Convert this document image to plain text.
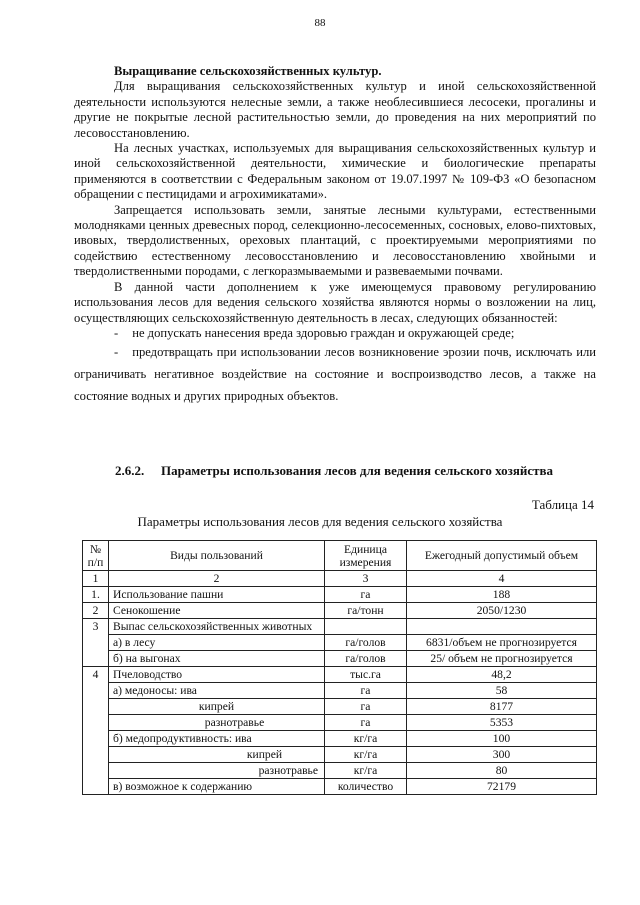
88

Выращивание сельскохозяйственных культур.

Для выращивания сельскохозяйственных культур и иной сельскохозяйственной деятельности используются нелесные земли, а также необлесившиеся лесосеки, прогалины и другие не покрытые лесной растительностью земли, до проведения на них мероприятий по лесовосстановлению.

На лесных участках, используемых для выращивания сельскохозяйственных культур и иной сельскохозяйственной деятельности, химические и биологические препараты применяются в соответствии с Федеральным законом от 19.07.1997 № 109-ФЗ «О безопасном обращении с пестицидами и агрохимикатами».

Запрещается использовать земли, занятые лесными культурами, естественными молодняками ценных древесных пород, селекционно-лесосеменных, сосновых, елово-пихтовых, ивовых, твердолиственных, ореховых плантаций, с проектируемыми мероприятиями по содействию естественному лесовосстановлению и лесовосстановлению хвойными и твердолиственными породами, с легкоразмываемыми и развеваемыми почвами.

В данной части дополнением к уже имеющемуся правовому регулированию использования лесов для ведения сельского хозяйства являются нормы о возложении на лиц, осуществляющих сельскохозяйственную деятельность в лесах, следующих обязанностей:

- не допускать нанесения вреда здоровью граждан и окружающей среде;

- предотвращать при использовании лесов возникновение эрозии почв, исключать или ограничивать негативное воздействие на состояние и воспроизводство лесов, а также на состояние водных и других природных объектов.

2.6.2. Параметры использования лесов для ведения сельского хозяйства
Таблица 14
Параметры использования лесов для ведения сельского хозяйства
№ п/п	Виды пользований	Единица измерения	Ежегодный допустимый объем
1	2	3	4
1.	Использование пашни	га	188
2	Сенокошение	га/тонн	2050/1230
3	Выпас сельскохозяйственных животных		
	а) в лесу	га/голов	6831/объем не прогнозируется
	б) на выгонах	га/голов	25/ объем не прогнозируется
4	Пчеловодство	тыс.га	48,2
	а) медоносы: ива	га	58
	кипрей	га	8177
	разнотравье	га	5353
	б) медопродуктивность: ива	кг/га	100
	кипрей	кг/га	300
	разнотравье	кг/га	80
	в) возможное к содержанию	количество	72179
